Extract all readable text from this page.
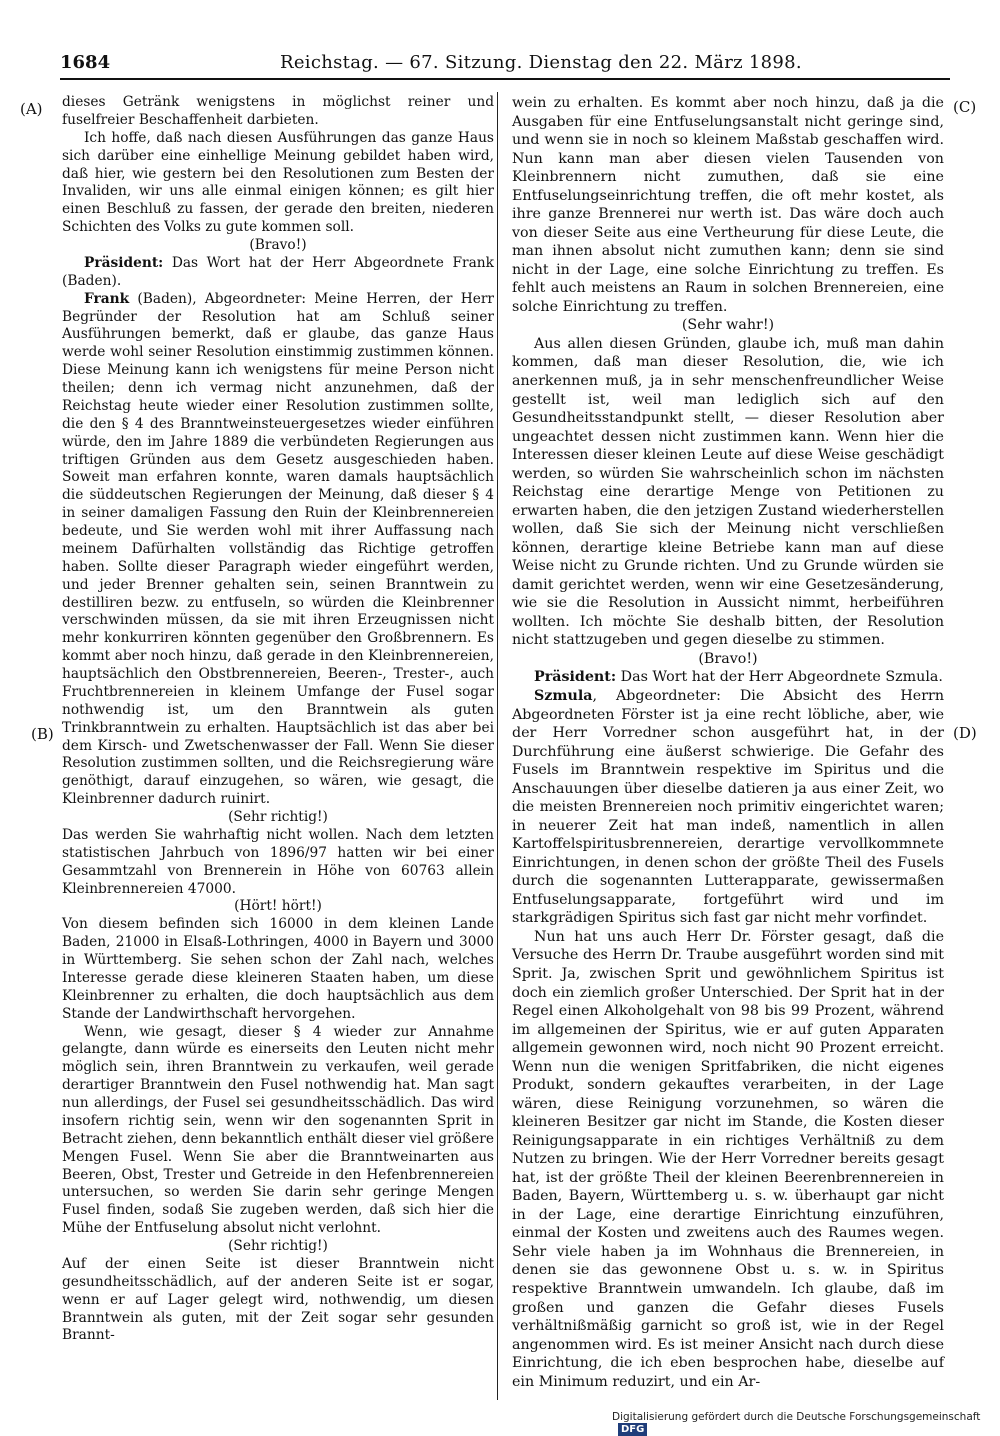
1684	Reichstag. — 67. Sitzung. Dienstag den 22. März 1898.
(A)
(B)
(C)
(D)

dieses Getränk wenigstens in möglichst reiner und fuselfreier Beschaffenheit darbieten.

Ich hoffe, daß nach diesen Ausführungen das ganze Haus sich darüber eine einhellige Meinung gebildet haben wird, daß hier, wie gestern bei den Resolutionen zum Besten der Invaliden, wir uns alle einmal einigen können; es gilt hier einen Beschluß zu fassen, der gerade den breiten, niederen Schichten des Volks zu gute kommen soll.

(Bravo!)

Präsident: Das Wort hat der Herr Abgeordnete Frank (Baden).

Frank (Baden), Abgeordneter: Meine Herren, der Herr Begründer der Resolution hat am Schluß seiner Ausführungen bemerkt, daß er glaube, das ganze Haus werde wohl seiner Resolution einstimmig zustimmen können. Diese Meinung kann ich wenigstens für meine Person nicht theilen; denn ich vermag nicht anzunehmen, daß der Reichstag heute wieder einer Resolution zustimmen sollte, die den § 4 des Branntweinsteuergesetzes wieder einführen würde, den im Jahre 1889 die verbündeten Regierungen aus triftigen Gründen aus dem Gesetz ausgeschieden haben. Soweit man erfahren konnte, waren damals hauptsächlich die süddeutschen Regierungen der Meinung, daß dieser § 4 in seiner damaligen Fassung den Ruin der Kleinbrennereien bedeute, und Sie werden wohl mit ihrer Auffassung nach meinem Dafürhalten vollständig das Richtige getroffen haben. Sollte dieser Paragraph wieder eingeführt werden, und jeder Brenner gehalten sein, seinen Branntwein zu destilliren bezw. zu entfuseln, so würden die Kleinbrenner verschwinden müssen, da sie mit ihren Erzeugnissen nicht mehr konkurriren könnten gegenüber den Großbrennern. Es kommt aber noch hinzu, daß gerade in den Kleinbrennereien, hauptsächlich den Obstbrennereien, Beeren-, Trester-, auch Fruchtbrennereien in kleinem Umfange der Fusel sogar nothwendig ist, um den Branntwein als guten Trinkbranntwein zu erhalten. Hauptsächlich ist das aber bei dem Kirsch- und Zwetschenwasser der Fall. Wenn Sie dieser Resolution zustimmen sollten, und die Reichsregierung wäre genöthigt, darauf einzugehen, so wären, wie gesagt, die Kleinbrenner dadurch ruinirt.

(Sehr richtig!)

Das werden Sie wahrhaftig nicht wollen. Nach dem letzten statistischen Jahrbuch von 1896/97 hatten wir bei einer Gesammtzahl von Brennerein in Höhe von 60763 allein Kleinbrennereien 47000.

(Hört! hört!)

Von diesem befinden sich 16000 in dem kleinen Lande Baden, 21000 in Elsaß-Lothringen, 4000 in Bayern und 3000 in Württemberg. Sie sehen schon der Zahl nach, welches Interesse gerade diese kleineren Staaten haben, um diese Kleinbrenner zu erhalten, die doch hauptsächlich aus dem Stande der Landwirthschaft hervorgehen.

Wenn, wie gesagt, dieser § 4 wieder zur Annahme gelangte, dann würde es einerseits den Leuten nicht mehr möglich sein, ihren Branntwein zu verkaufen, weil gerade derartiger Branntwein den Fusel nothwendig hat. Man sagt nun allerdings, der Fusel sei gesundheitsschädlich. Das wird insofern richtig sein, wenn wir den sogenannten Sprit in Betracht ziehen, denn bekanntlich enthält dieser viel größere Mengen Fusel. Wenn Sie aber die Branntweinarten aus Beeren, Obst, Trester und Getreide in den Hefenbrennereien untersuchen, so werden Sie darin sehr geringe Mengen Fusel finden, sodaß Sie zugeben werden, daß sich hier die Mühe der Entfuselung absolut nicht verlohnt.

(Sehr richtig!)

Auf der einen Seite ist dieser Branntwein nicht gesundheitsschädlich, auf der anderen Seite ist er sogar, wenn er auf Lager gelegt wird, nothwendig, um diesen Branntwein als guten, mit der Zeit sogar sehr gesunden Brannt-

wein zu erhalten. Es kommt aber noch hinzu, daß ja die Ausgaben für eine Entfuselungsanstalt nicht geringe sind, und wenn sie in noch so kleinem Maßstab geschaffen wird. Nun kann man aber diesen vielen Tausenden von Kleinbrennern nicht zumuthen, daß sie eine Entfuselungseinrichtung treffen, die oft mehr kostet, als ihre ganze Brennerei nur werth ist. Das wäre doch auch von dieser Seite aus eine Vertheurung für diese Leute, die man ihnen absolut nicht zumuthen kann; denn sie sind nicht in der Lage, eine solche Einrichtung zu treffen. Es fehlt auch meistens an Raum in solchen Brennereien, eine solche Einrichtung zu treffen.

(Sehr wahr!)

Aus allen diesen Gründen, glaube ich, muß man dahin kommen, daß man dieser Resolution, die, wie ich anerkennen muß, ja in sehr menschenfreundlicher Weise gestellt ist, weil man lediglich sich auf den Gesundheitsstandpunkt stellt, — dieser Resolution aber ungeachtet dessen nicht zustimmen kann. Wenn hier die Interessen dieser kleinen Leute auf diese Weise geschädigt werden, so würden Sie wahrscheinlich schon im nächsten Reichstag eine derartige Menge von Petitionen zu erwarten haben, die den jetzigen Zustand wiederherstellen wollen, daß Sie sich der Meinung nicht verschließen können, derartige kleine Betriebe kann man auf diese Weise nicht zu Grunde richten. Und zu Grunde würden sie damit gerichtet werden, wenn wir eine Gesetzesänderung, wie sie die Resolution in Aussicht nimmt, herbeiführen wollten. Ich möchte Sie deshalb bitten, der Resolution nicht stattzugeben und gegen dieselbe zu stimmen.

(Bravo!)

Präsident: Das Wort hat der Herr Abgeordnete Szmula.

Szmula, Abgeordneter: Die Absicht des Herrn Abgeordneten Förster ist ja eine recht löbliche, aber, wie der Herr Vorredner schon ausgeführt hat, in der Durchführung eine äußerst schwierige. Die Gefahr des Fusels im Branntwein respektive im Spiritus und die Anschauungen über dieselbe datieren ja aus einer Zeit, wo die meisten Brennereien noch primitiv eingerichtet waren; in neuerer Zeit hat man indeß, namentlich in allen Kartoffelspiritusbrennereien, derartige vervollkommnete Einrichtungen, in denen schon der größte Theil des Fusels durch die sogenannten Lutterapparate, gewissermaßen Entfuselungsapparate, fortgeführt wird und im starkgrädigen Spiritus sich fast gar nicht mehr vorfindet.

Nun hat uns auch Herr Dr. Förster gesagt, daß die Versuche des Herrn Dr. Traube ausgeführt worden sind mit Sprit. Ja, zwischen Sprit und gewöhnlichem Spiritus ist doch ein ziemlich großer Unterschied. Der Sprit hat in der Regel einen Alkoholgehalt von 98 bis 99 Prozent, während im allgemeinen der Spiritus, wie er auf guten Apparaten allgemein gewonnen wird, noch nicht 90 Prozent erreicht. Wenn nun die wenigen Spritfabriken, die nicht eigenes Produkt, sondern gekauftes verarbeiten, in der Lage wären, diese Reinigung vorzunehmen, so wären die kleineren Besitzer gar nicht im Stande, die Kosten dieser Reinigungsapparate in ein richtiges Verhältniß zu dem Nutzen zu bringen. Wie der Herr Vorredner bereits gesagt hat, ist der größte Theil der kleinen Beerenbrennereien in Baden, Bayern, Württemberg u. s. w. überhaupt gar nicht in der Lage, eine derartige Einrichtung einzuführen, einmal der Kosten und zweitens auch des Raumes wegen. Sehr viele haben ja im Wohnhaus die Brennereien, in denen sie das gewonnene Obst u. s. w. in Spiritus respektive Branntwein umwandeln. Ich glaube, daß im großen und ganzen die Gefahr dieses Fusels verhältnißmäßig garnicht so groß ist, wie in der Regel angenommen wird. Es ist meiner Ansicht nach durch diese Einrichtung, die ich eben besprochen habe, dieselbe auf ein Minimum reduzirt, und ein Ar-

Digitalisierung gefördert durch die Deutsche Forschungsgemeinschaft DFG
